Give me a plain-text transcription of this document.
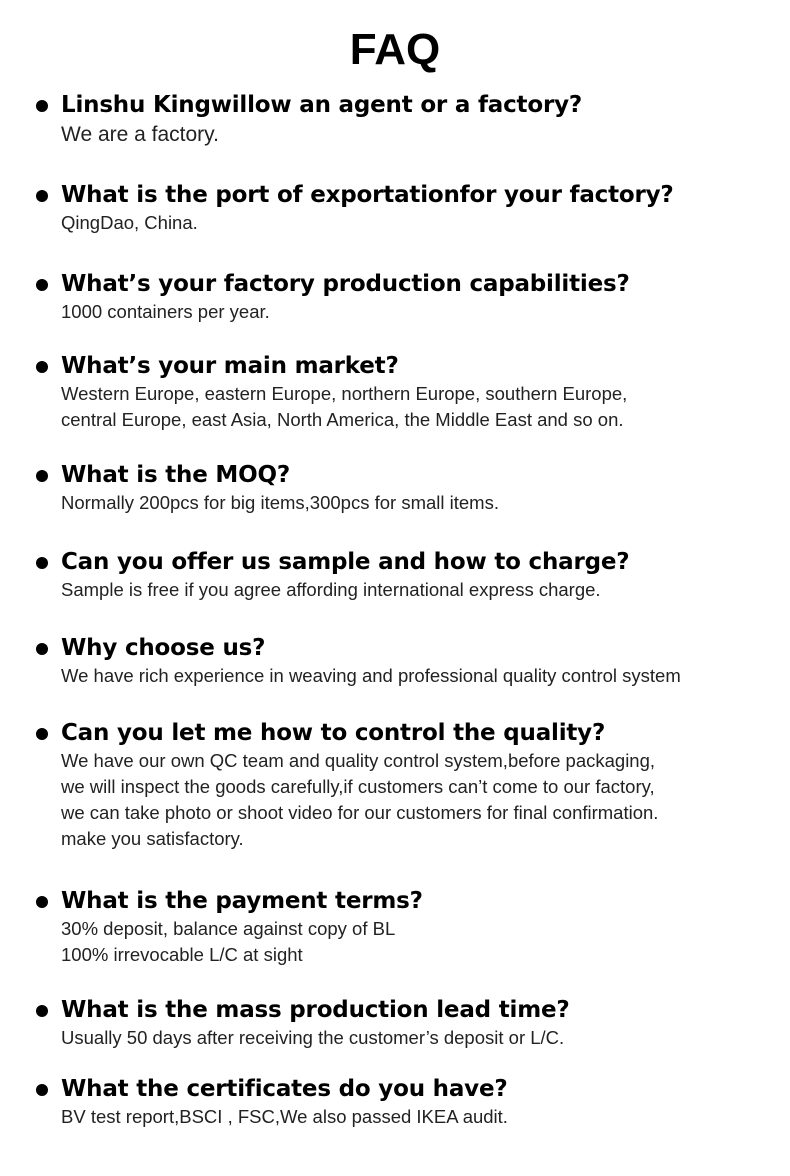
FAQ
Linshu Kingwillow an agent or a factory?
We are a factory.
What is the port of exportationfor your factory?
QingDao, China.
What’s your factory production capabilities?
1000 containers per year.
What’s your main market?
Western Europe, eastern Europe, northern Europe, southern Europe,
central Europe, east Asia, North America, the Middle East and so on.
What is the MOQ?
Normally 200pcs for big items,300pcs for small items.
Can you offer us sample and how to charge?
Sample is free if you agree affording international express charge.
Why choose us?
We have rich experience in weaving and professional quality control system
Can you let me how to control the quality?
We have our own QC team and quality control system,before packaging,
we will inspect the goods carefully,if customers can’t come to our factory,
we can take photo or shoot video for our customers for final confirmation.
make you satisfactory.
What is the payment terms?
30% deposit, balance against copy of BL
100% irrevocable L/C at sight
What is the mass production lead time?
Usually 50 days after receiving the customer’s deposit or L/C.
What the certificates do you have?
BV test report,BSCI , FSC,We also passed IKEA audit.
